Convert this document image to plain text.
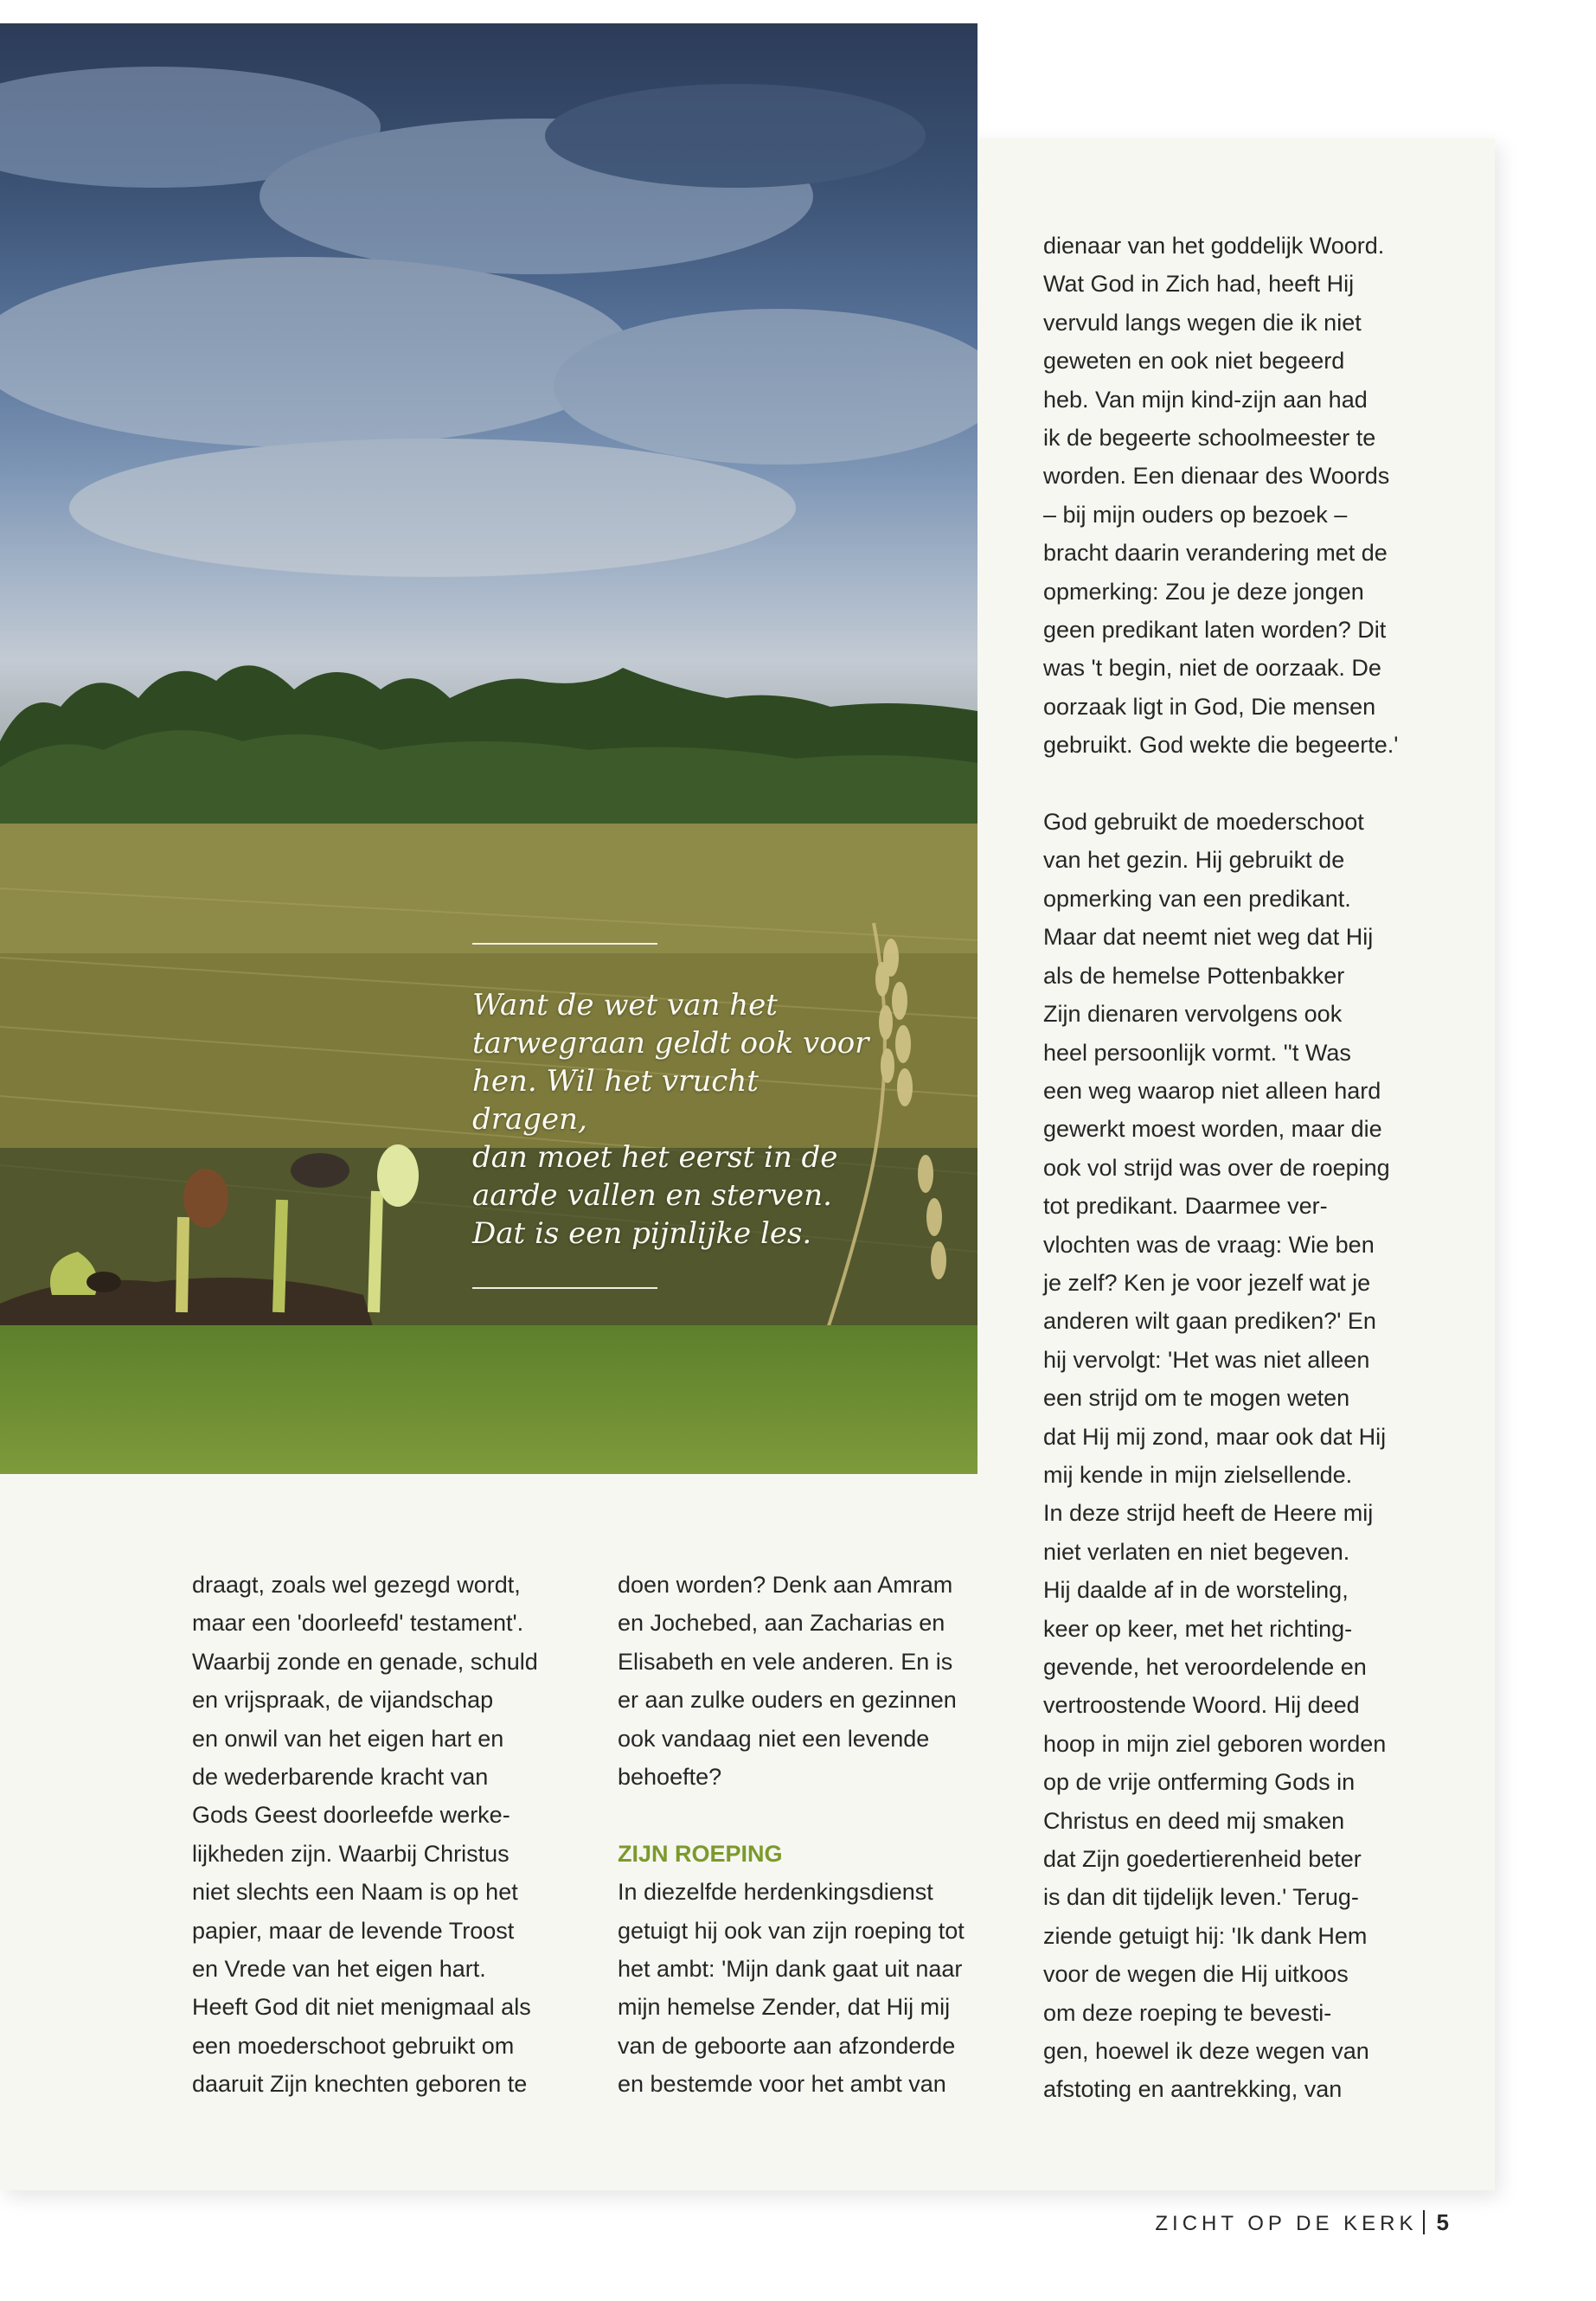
Want de wet van het
tarwegraan geldt ook voor
hen. Wil het vrucht dragen,
dan moet het eerst in de
aarde vallen en sterven.
Dat is een pijnlijke les.

draagt, zoals wel gezegd wordt,

maar een 'doorleefd' testament'.

Waarbij zonde en genade, schuld

en vrijspraak, de vijandschap

en onwil van het eigen hart en

de wederbarende kracht van

Gods Geest doorleefde werke-

lijkheden zijn. Waarbij Christus

niet slechts een Naam is op het

papier, maar de levende Troost

en Vrede van het eigen hart.

Heeft God dit niet menigmaal als

een moederschoot gebruikt om

daaruit Zijn knechten geboren te

doen worden? Denk aan Amram

en Jochebed, aan Zacharias en

Elisabeth en vele anderen. En is

er aan zulke ouders en gezinnen

ook vandaag niet een levende

behoefte?

ZIJN ROEPING

In diezelfde herdenkingsdienst

getuigt hij ook van zijn roeping tot

het ambt: 'Mijn dank gaat uit naar

mijn hemelse Zender, dat Hij mij

van de geboorte aan afzonderde

en bestemde voor het ambt van

dienaar van het goddelijk Woord.

Wat God in Zich had, heeft Hij

vervuld langs wegen die ik niet

geweten en ook niet begeerd

heb. Van mijn kind-zijn aan had

ik de begeerte schoolmeester te

worden. Een dienaar des Woords

– bij mijn ouders op bezoek –

bracht daarin verandering met de

opmerking: Zou je deze jongen

geen predikant laten worden? Dit

was 't begin, niet de oorzaak. De

oorzaak ligt in God, Die mensen

gebruikt. God wekte die begeerte.'

God gebruikt de moederschoot

van het gezin. Hij gebruikt de

opmerking van een predikant.

Maar dat neemt niet weg dat Hij

als de hemelse Pottenbakker

Zijn dienaren vervolgens ook

heel persoonlijk vormt. ''t Was

een weg waarop niet alleen hard

gewerkt moest worden, maar die

ook vol strijd was over de roeping

tot predikant. Daarmee ver-

vlochten was de vraag: Wie ben

je zelf? Ken je voor jezelf wat je

anderen wilt gaan prediken?' En

hij vervolgt: 'Het was niet alleen

een strijd om te mogen weten

dat Hij mij zond, maar ook dat Hij

mij kende in mijn zielsellende.

In deze strijd heeft de Heere mij

niet verlaten en niet begeven.

Hij daalde af in de worsteling,

keer op keer, met het richting-

gevende, het veroordelende en

vertroostende Woord. Hij deed

hoop in mijn ziel geboren worden

op de vrije ontferming Gods in

Christus en deed mij smaken

dat Zijn goedertierenheid beter

is dan dit tijdelijk leven.' Terug-

ziende getuigt hij: 'Ik dank Hem

voor de wegen die Hij uitkoos

om deze roeping te bevesti-

gen, hoewel ik deze wegen van

afstoting en aantrekking, van

ZICHT OP DE KERK 5
